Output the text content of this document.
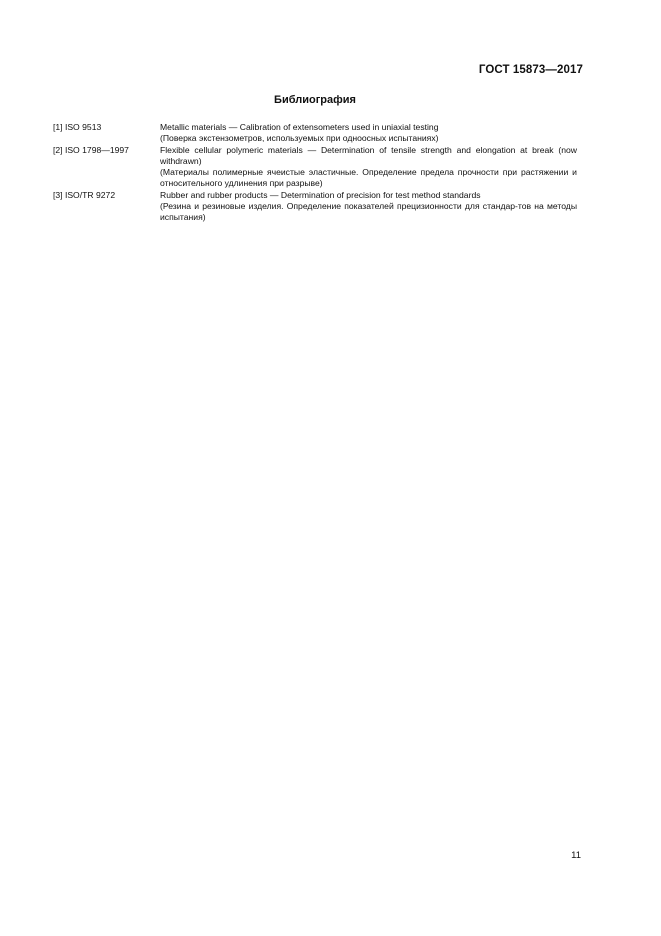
ГОСТ 15873—2017
Библиография
[1] ISO 9513	Metallic materials — Calibration of extensometers used in uniaxial testing

(Поверка экстензометров, используемых при одноосных испытаниях)

[2] ISO 1798—1997	Flexible cellular polymeric materials — Determination of tensile strength and elongation at break (now withdrawn)

(Материалы полимерные ячеистые эластичные. Определение предела прочности при растяжении и относительного удлинения при разрыве)

[3] ISO/TR 9272	Rubber and rubber products — Determination of precision for test method standards

(Резина и резиновые изделия. Определение показателей прецизионности для стандар-тов на методы испытания)

11
